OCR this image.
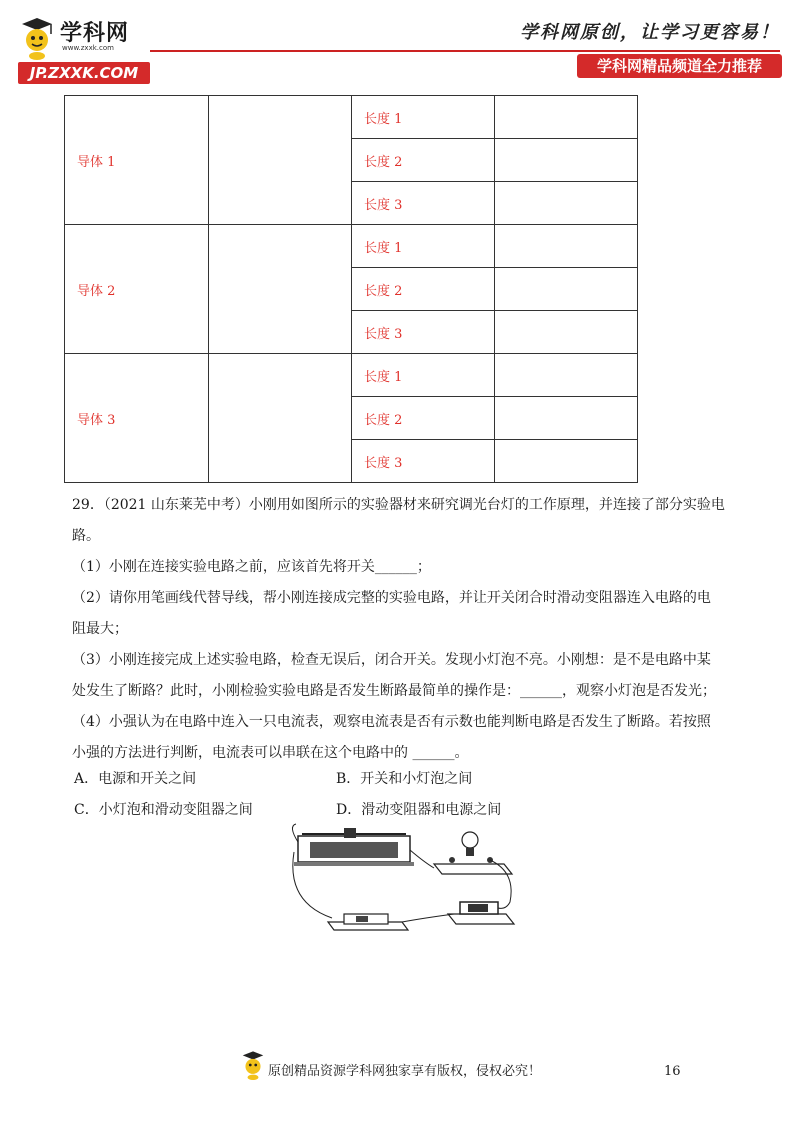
学科网
www.zxxk.com
JP.ZXXK.COM
学科网原创，让学习更容易！
学科网精品频道全力推荐
导体 1		长度 1	
		长度 2	
		长度 3	
导体 2		长度 1	
		长度 2	
		长度 3	
导体 3		长度 1	
		长度 2	
		长度 3	
29．（2021 山东莱芜中考）小刚用如图所示的实验器材来研究调光台灯的工作原理，并连接了部分实验电
路。
（1）小刚在连接实验电路之前，应该首先将开关______；
（2）请你用笔画线代替导线，帮小刚连接成完整的实验电路，并让开关闭合时滑动变阻器连入电路的电
阻最大；
（3）小刚连接完成上述实验电路，检查无误后，闭合开关。发现小灯泡不亮。小刚想：是不是电路中某
处发生了断路？此时，小刚检验实验电路是否发生断路最简单的操作是：______，观察小灯泡是否发光；
（4）小强认为在电路中连入一只电流表，观察电流表是否有示数也能判断电路是否发生了断路。若按照
小强的方法进行判断，电流表可以串联在这个电路中的 ______。
A．电源和开关之间	B．开关和小灯泡之间
C．小灯泡和滑动变阻器之间	D．滑动变阻器和电源之间
原创精品资源学科网独家享有版权，侵权必究！	16
